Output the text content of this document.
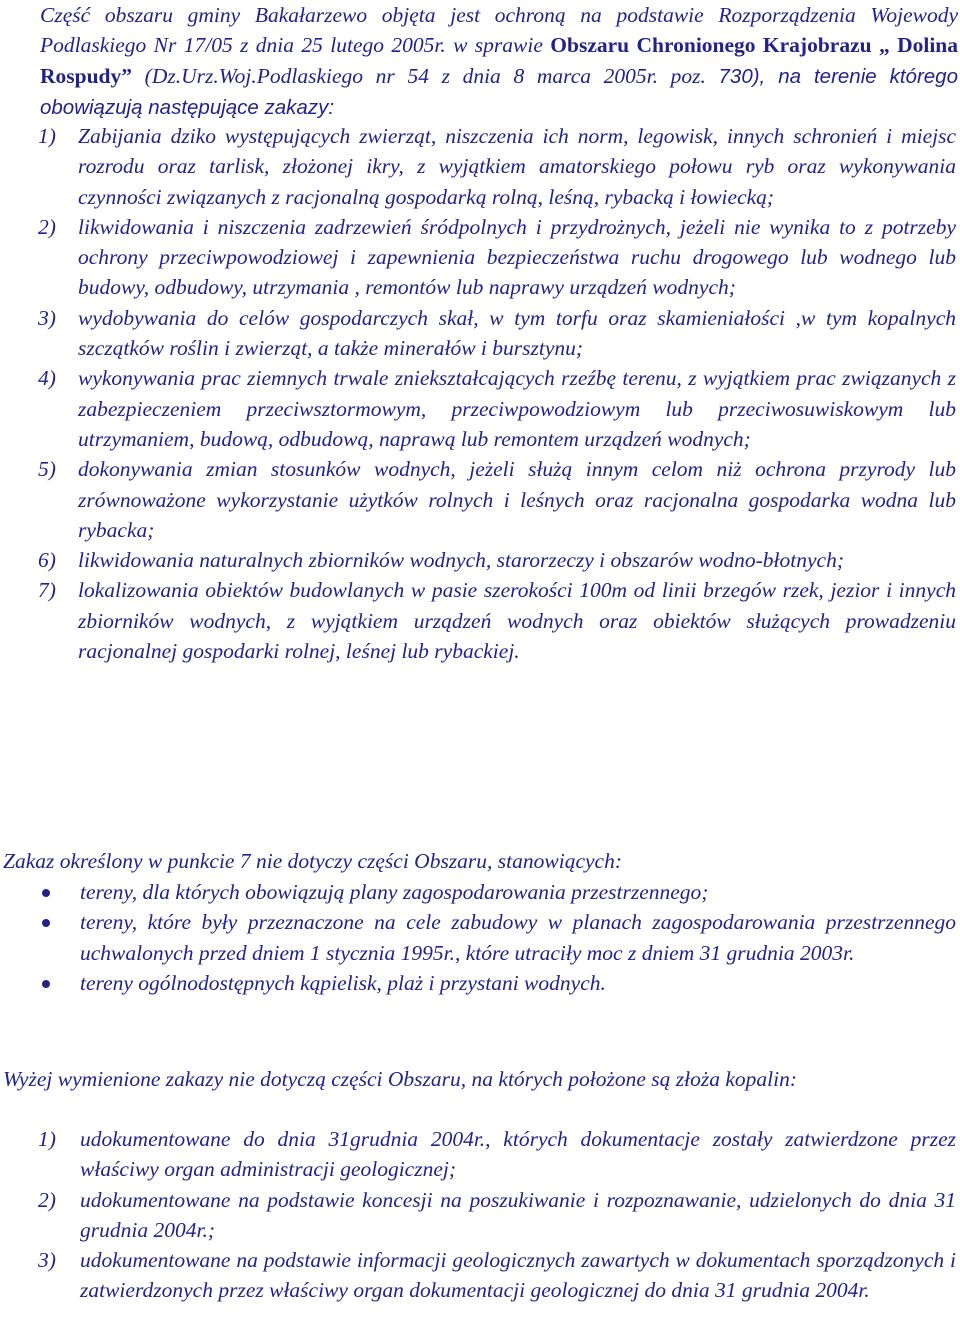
Część obszaru gminy Bakałarzewo objęta jest ochroną na podstawie Rozporządzenia Wojewody Podlaskiego Nr 17/05 z dnia 25 lutego 2005r. w sprawie Obszaru Chronionego Krajobrazu „ Dolina Rospudy” (Dz.Urz.Woj.Podlaskiego nr 54 z dnia 8 marca 2005r. poz. 730), na terenie którego obowiązują następujące zakazy:

1) Zabijania dziko występujących zwierząt, niszczenia ich norm, legowisk, innych schronień i miejsc rozrodu oraz tarlisk, złożonej ikry, z wyjątkiem amatorskiego połowu ryb oraz wykonywania czynności związanych z racjonalną gospodarką rolną, leśną, rybacką i łowiecką;
2) likwidowania i niszczenia zadrzewień śródpolnych i przydrożnych, jeżeli nie wynika to z potrzeby ochrony przeciwpowodziowej i zapewnienia bezpieczeństwa ruchu drogowego lub wodnego lub budowy, odbudowy, utrzymania , remontów lub naprawy urządzeń wodnych;
3) wydobywania do celów gospodarczych skał, w tym torfu oraz skamieniałości ,w tym kopalnych szczątków roślin i zwierząt, a także minerałów i bursztynu;
4) wykonywania prac ziemnych trwale zniekształcających rzeźbę terenu, z wyjątkiem prac związanych z zabezpieczeniem przeciwsztormowym, przeciwpowodziowym lub przeciwosuwiskowym lub utrzymaniem, budową, odbudową, naprawą lub remontem urządzeń wodnych;
5) dokonywania zmian stosunków wodnych, jeżeli służą innym celom niż ochrona przyrody lub zrównoważone wykorzystanie użytków rolnych i leśnych oraz racjonalna gospodarka wodna lub rybacka;
6) likwidowania naturalnych zbiorników wodnych, starorzeczy i obszarów wodno-błotnych;
7) lokalizowania obiektów budowlanych w pasie szerokości 100m od linii brzegów rzek, jezior i innych zbiorników wodnych, z wyjątkiem urządzeń wodnych oraz obiektów służących prowadzeniu racjonalnej gospodarki rolnej, leśnej lub rybackiej.

Zakaz określony w punkcie 7 nie dotyczy części Obszaru, stanowiących:

tereny, dla których obowiązują plany zagospodarowania przestrzennego;
tereny, które były przeznaczone na cele zabudowy w planach zagospodarowania przestrzennego uchwalonych przed dniem 1 stycznia 1995r., które utraciły moc z dniem 31 grudnia 2003r.
tereny ogólnodostępnych kąpielisk, plaż i przystani wodnych.

Wyżej wymienione zakazy nie dotyczą części Obszaru, na których położone są złoża kopalin:

1) udokumentowane do dnia 31grudnia 2004r., których dokumentacje zostały zatwierdzone przez właściwy organ administracji geologicznej;
2) udokumentowane na podstawie koncesji na poszukiwanie i rozpoznawanie, udzielonych do dnia 31 grudnia 2004r.;
3) udokumentowane na podstawie informacji geologicznych zawartych w dokumentach sporządzonych i zatwierdzonych przez właściwy organ dokumentacji geologicznej do dnia 31 grudnia 2004r.
